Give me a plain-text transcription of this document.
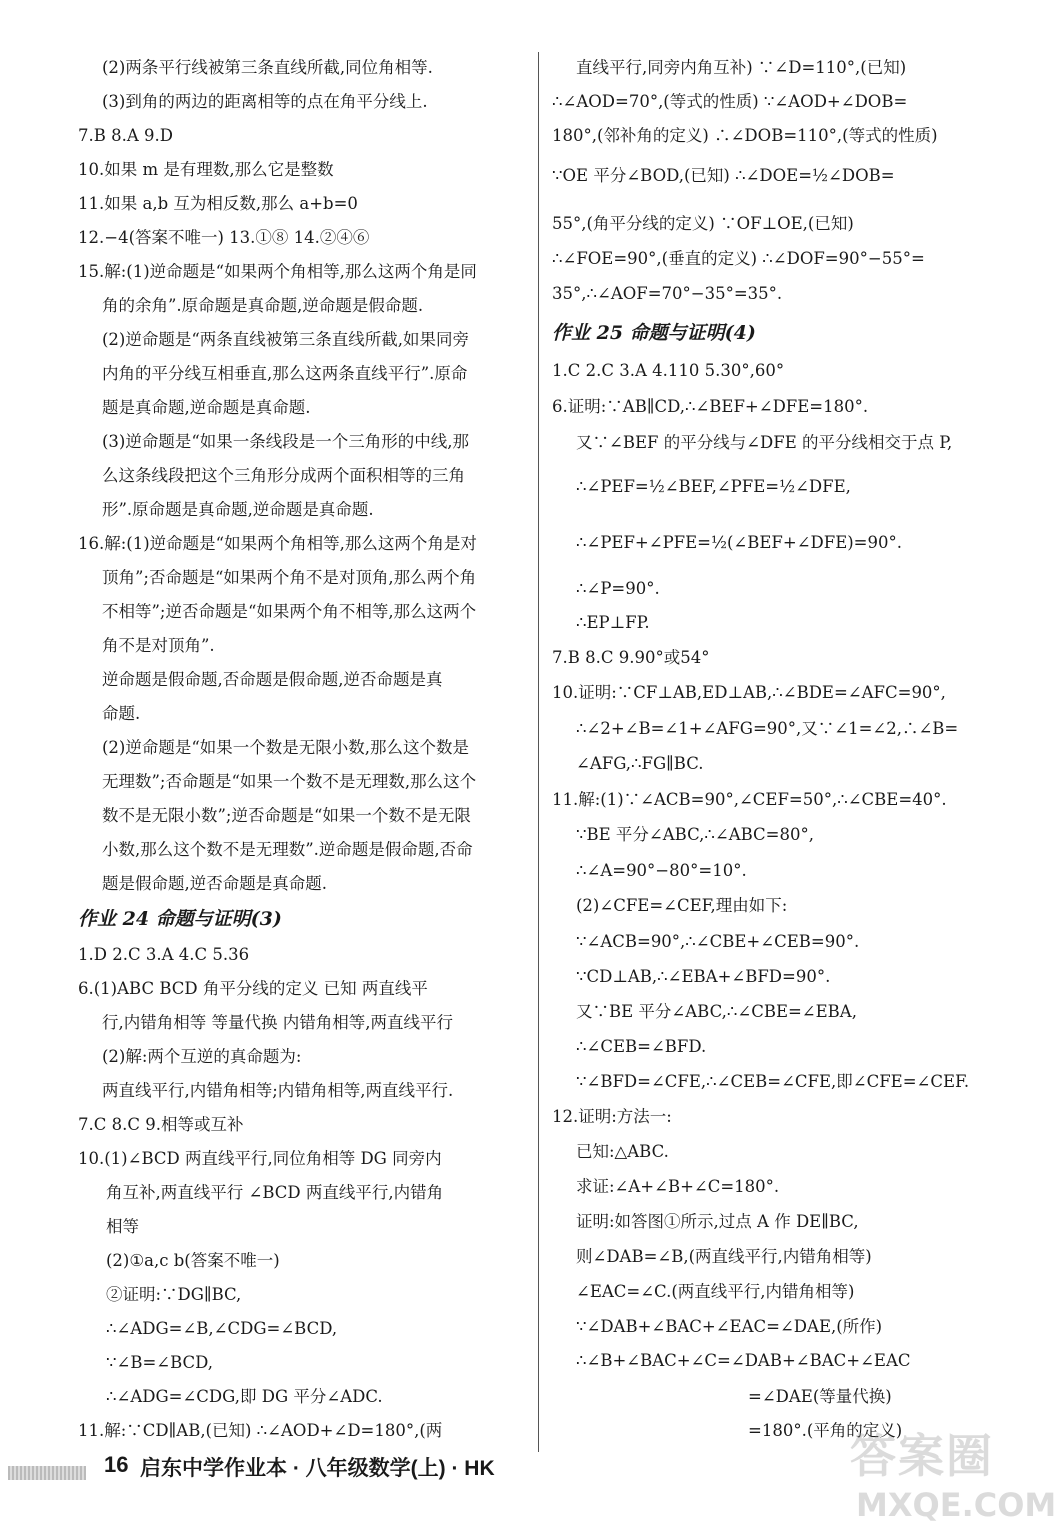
(2)两条平行线被第三条直线所截,同位角相等.
(3)到角的两边的距离相等的点在角平分线上.
7.B 8.A 9.D
10.如果 m 是有理数,那么它是整数
11.如果 a,b 互为相反数,那么 a+b=0
12.−4(答案不唯一) 13.①⑧ 14.②④⑥
15.解:(1)逆命题是“如果两个角相等,那么这两个角是同
角的余角”.原命题是真命题,逆命题是假命题.
(2)逆命题是“两条直线被第三条直线所截,如果同旁
内角的平分线互相垂直,那么这两条直线平行”.原命
题是真命题,逆命题是真命题.
(3)逆命题是“如果一条线段是一个三角形的中线,那
么这条线段把这个三角形分成两个面积相等的三角
形”.原命题是真命题,逆命题是真命题.
16.解:(1)逆命题是“如果两个角相等,那么这两个角是对
顶角”;否命题是“如果两个角不是对顶角,那么两个角
不相等”;逆否命题是“如果两个角不相等,那么这两个
角不是对顶角”.
逆命题是假命题,否命题是假命题,逆否命题是真
命题.
(2)逆命题是“如果一个数是无限小数,那么这个数是
无理数”;否命题是“如果一个数不是无理数,那么这个
数不是无限小数”;逆否命题是“如果一个数不是无限
小数,那么这个数不是无理数”.逆命题是假命题,否命
题是假命题,逆否命题是真命题.
作业 24 命题与证明(3)
1.D 2.C 3.A 4.C 5.36
6.(1)ABC BCD 角平分线的定义 已知 两直线平
行,内错角相等 等量代换 内错角相等,两直线平行
(2)解:两个互逆的真命题为:
两直线平行,内错角相等;内错角相等,两直线平行.
7.C 8.C 9.相等或互补
10.(1)∠BCD 两直线平行,同位角相等 DG 同旁内
角互补,两直线平行 ∠BCD 两直线平行,内错角
相等
(2)①a,c b(答案不唯一)
②证明:∵DG∥BC,
∴∠ADG=∠B,∠CDG=∠BCD,
∵∠B=∠BCD,
∴∠ADG=∠CDG,即 DG 平分∠ADC.
11.解:∵CD∥AB,(已知) ∴∠AOD+∠D=180°,(两
直线平行,同旁内角互补) ∵∠D=110°,(已知)
∴∠AOD=70°,(等式的性质) ∵∠AOD+∠DOB=
180°,(邻补角的定义) ∴∠DOB=110°,(等式的性质)
∵OE 平分∠BOD,(已知) ∴∠DOE=½∠DOB=
55°,(角平分线的定义) ∵OF⊥OE,(已知)
∴∠FOE=90°,(垂直的定义) ∴∠DOF=90°−55°=
35°,∴∠AOF=70°−35°=35°.
作业 25 命题与证明(4)
1.C 2.C 3.A 4.110 5.30°,60°
6.证明:∵AB∥CD,∴∠BEF+∠DFE=180°.
又∵∠BEF 的平分线与∠DFE 的平分线相交于点 P,
∴∠PEF=½∠BEF,∠PFE=½∠DFE,
∴∠PEF+∠PFE=½(∠BEF+∠DFE)=90°.
∴∠P=90°.
∴EP⊥FP.
7.B 8.C 9.90°或54°
10.证明:∵CF⊥AB,ED⊥AB,∴∠BDE=∠AFC=90°,
∴∠2+∠B=∠1+∠AFG=90°,又∵∠1=∠2,∴∠B=
∠AFG,∴FG∥BC.
11.解:(1)∵∠ACB=90°,∠CEF=50°,∴∠CBE=40°.
∵BE 平分∠ABC,∴∠ABC=80°,
∴∠A=90°−80°=10°.
(2)∠CFE=∠CEF,理由如下:
∵∠ACB=90°,∴∠CBE+∠CEB=90°.
∵CD⊥AB,∴∠EBA+∠BFD=90°.
又∵BE 平分∠ABC,∴∠CBE=∠EBA,
∴∠CEB=∠BFD.
∵∠BFD=∠CFE,∴∠CEB=∠CFE,即∠CFE=∠CEF.
12.证明:方法一:
已知:△ABC.
求证:∠A+∠B+∠C=180°.
证明:如答图①所示,过点 A 作 DE∥BC,
则∠DAB=∠B,(两直线平行,内错角相等)
∠EAC=∠C.(两直线平行,内错角相等)
∵∠DAB+∠BAC+∠EAC=∠DAE,(所作)
∴∠B+∠BAC+∠C=∠DAB+∠BAC+∠EAC
=∠DAE(等量代换)
=180°.(平角的定义)
16 启东中学作业本 · 八年级数学(上) · HK	答案圈
MXQE.COM
